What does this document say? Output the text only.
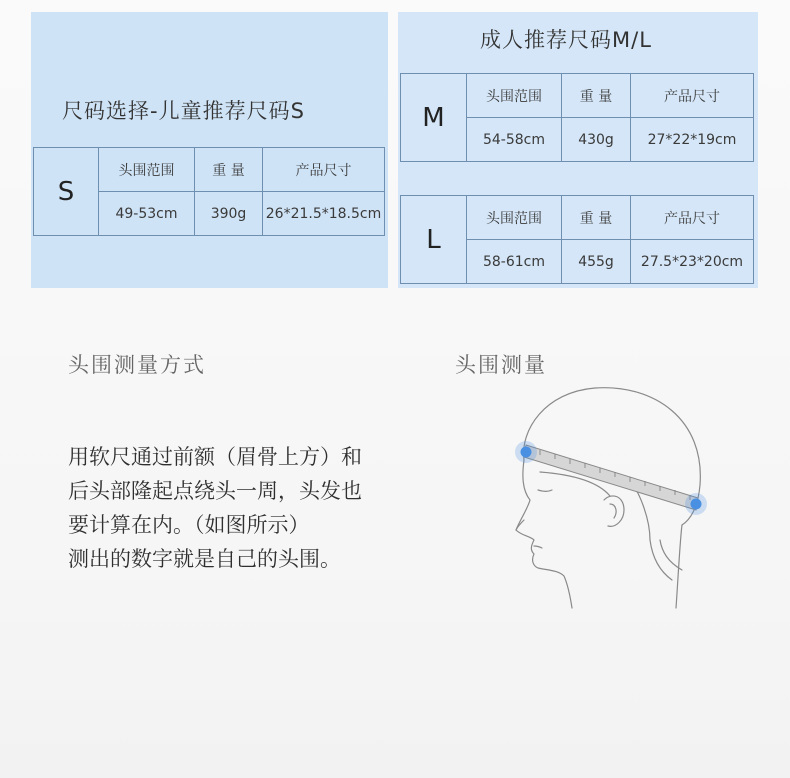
尺码选择-儿童推荐尺码S
成人推荐尺码M/L
S	头围范围	重 量	产品尺寸
	49-53cm	390g	26*21.5*18.5cm
M	头围范围	重 量	产品尺寸
	54-58cm	430g	27*22*19cm
L	头围范围	重 量	产品尺寸
	58-61cm	455g	27.5*23*20cm
头围测量方式	头围测量
用软尺通过前额（眉骨上方）和
后头部隆起点绕头一周，头发也
要计算在内。（如图所示）
测出的数字就是自己的头围。
